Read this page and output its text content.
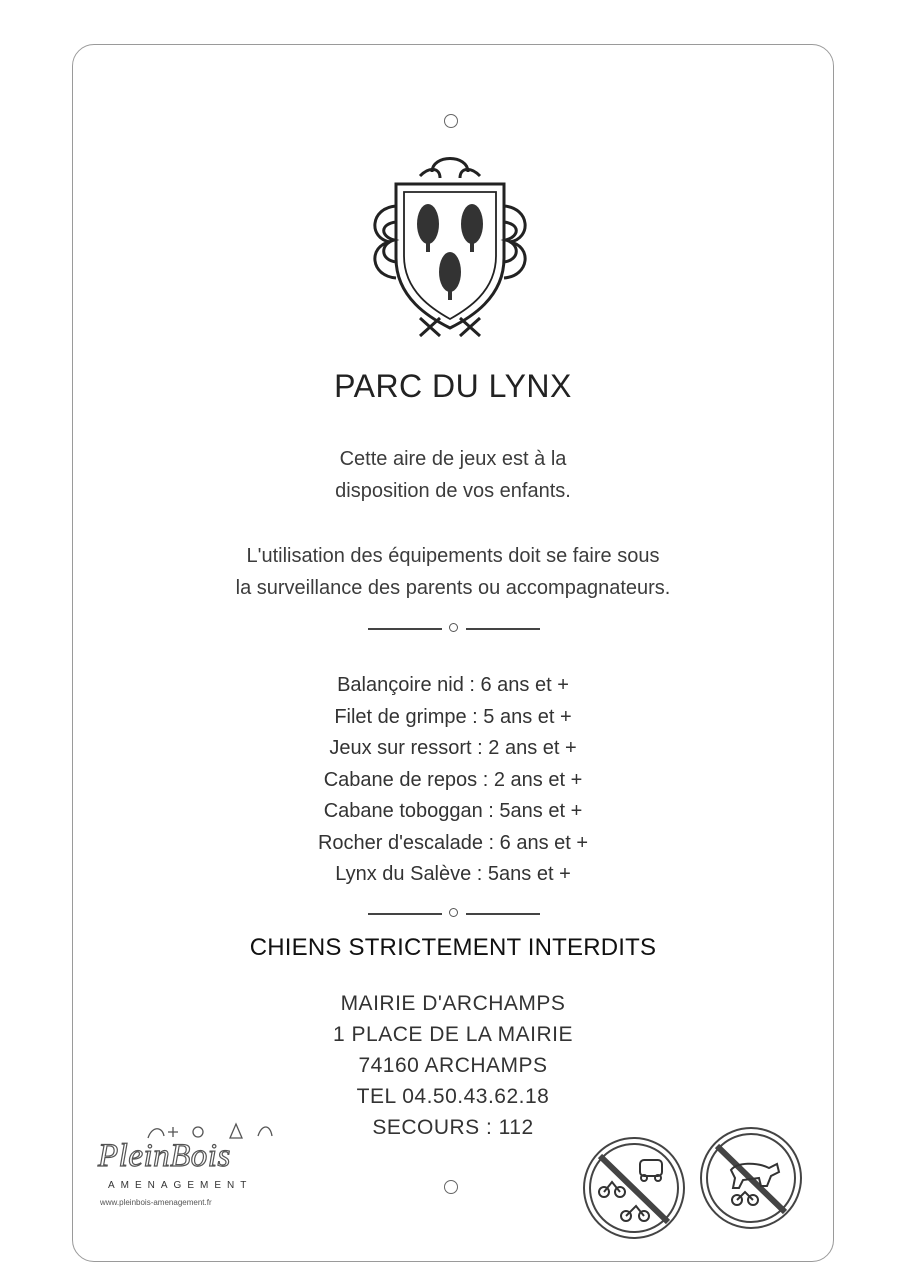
PARC DU LYNX
Cette aire de jeux est à la
disposition de vos enfants.
L'utilisation des équipements doit se faire sous
la surveillance des parents ou accompagnateurs.
Balançoire nid : 6 ans et +
Filet de grimpe : 5 ans et +
Jeux sur ressort : 2 ans et +
Cabane de repos : 2 ans et +
Cabane toboggan : 5ans et +
Rocher d'escalade : 6 ans et +
Lynx du Salève : 5ans et +
CHIENS STRICTEMENT INTERDITS
MAIRIE D'ARCHAMPS
1 PLACE DE LA MAIRIE
74160 ARCHAMPS
TEL 04.50.43.62.18
SECOURS : 112
PleinBois
AMENAGEMENT
www.pleinbois-amenagement.fr
